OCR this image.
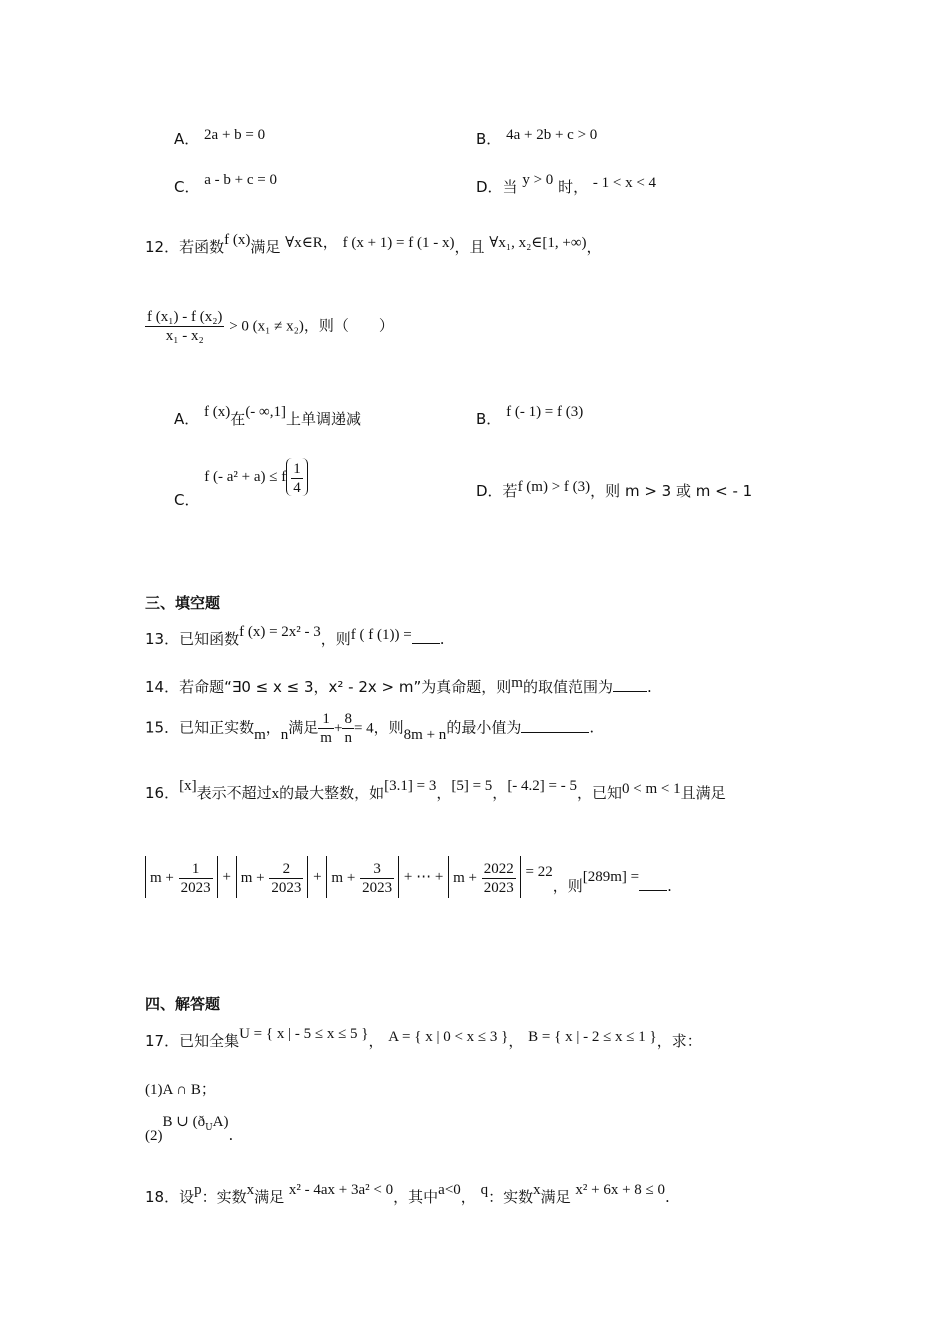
A． 2a + b = 0	B． 4a + 2b + c > 0
C． a - b + c = 0	D．当 y > 0 时， - 1 < x < 4
12．若函数f (x)满足 ∀x∈R， f (x + 1) = f (1 - x)，且 ∀x₁, x₂∈[1, +∞)，
$\frac{\text{f (x₁) - f (x₂)}}{\text{x₁ - x₂}} > 0$ (x₁ ≠ x₂)，则（　　）
A． f (x)在(- ∞,1]上单调递减	B． f (- 1) = f (3)
C． f (- a² + a) ≤ f $\frac{1}{4}$	D．若f (m) > f (3)，则 m > 3 或 m < - 1
三、填空题
13．已知函数f (x) = 2x² - 3，则f ( f (1)) = .
14．若命题“∃0 ≤ x ≤ 3，x² - 2x > m”为真命题，则m的取值范围为 .
15．已知正实数m，n满足 $\frac{1}{m} + \frac{8}{n} = 4$，则8m + n的最小值为	.
16．[x]表示不超过x的最大整数，如[3.1] = 3，[5] = 5，[- 4.2] = - 5，已知0 < m < 1且满足
$m + \frac{1}{2023} + m + \frac{2}{2023} + m + \frac{3}{2023}$ + ⋯ + $m + \frac{2022}{2023} = 22$，则[289m] = .
四、解答题
17．已知全集U = { x | - 5 ≤ x ≤ 5 }， A = { x | 0 < x ≤ 3 }， B = { x | - 2 ≤ x ≤ 1 }，求：
(1)A ∩ B；
(2)B ∪ $(ð_UA)$.
18．设p：实数x满足 x² - 4ax + 3a² < 0，其中a<0， q：实数x满足 x² + 6x + 8 ≤ 0.
